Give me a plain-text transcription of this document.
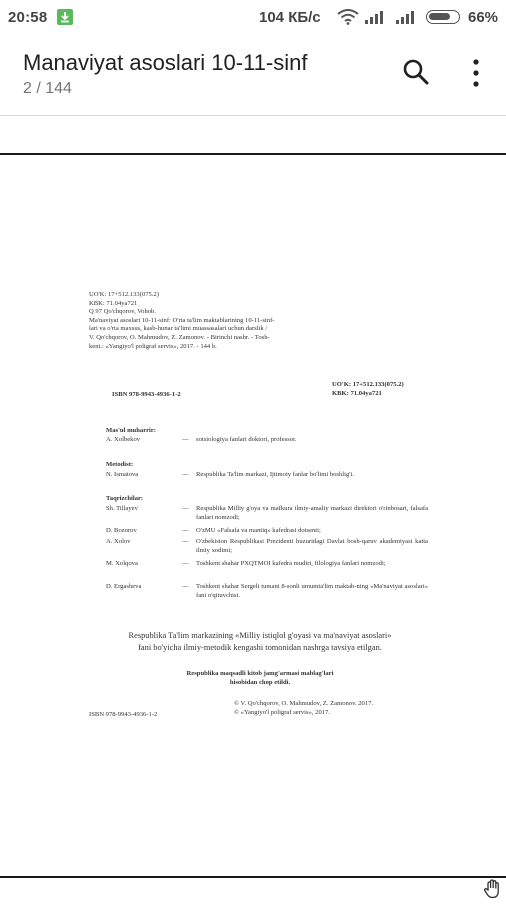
20:58	104 КБ/с	66%
Manaviyat asoslari 10-11-sinf
2 / 144
UO'K: 17+512.133(075.2)
KBK: 71.04ya721
Q 97 Qo'chqorov, Vohob.
Ma'naviyat asoslari 10-11-sinf: O'rta ta'lim maktablarining 10-11-sinf-
lari va o'rta maxsus, kasb-hunar ta'limi muassasalari uchun darslik /
V. Qo'chqorov, O. Mahmudov, Z. Zamonov. - Birinchi nashr. - Tosh-
kent.: «Yangiyo'l poligraf servis», 2017. - 144 b.
ISBN 978-9943-4936-1-2
UO'K: 17+512.133(075.2)
KBK: 71.04ya721
Mas'ul muharrir:
A. Xolbekov	— sotsiologiya fanlari doktori, professor.
Metodist:
N. Ismatova	— Respublika Ta'lim markazi, Ijtimoiy fanlar bo'limi boshlig'i.
Taqrizchilar:
Sh. Tillayev	— Respublika Milliy g'oya va mafkura ilmiy-amaliy markazi direktori o'rinbosari, falsafa fanlari nomzodi;
D. Bozorov	— O'zMU «Falsafa va mantiq» kafedrasi dotsenti;
A. Xolov	— O'zbekiston Respublikasi Prezidenti huzuridagi Davlat bosh-qaruv akademiyasi katta ilmiy xodimi;
M. Xolqova	— Toshkent shahar PXQTMOI kafedra mudiri, filologiya fanlari nomzodi;
D. Ergasheva	— Toshkent shahar Sergeli tumani 8-sonli umumta'lim maktab-ning «Ma'naviyat asoslari» fani o'qituvchisi.
Respublika Ta'lim markazining «Milliy istiqlol g'oyasi va ma'naviyat asoslari»
fani bo'yicha ilmiy-metodik kengashi tomonidan nashrga tavsiya etilgan.
Respublika maqsadli kitob jamg'armasi mablag'lari
hisobidan chop etildi.
© V. Qo'chqorov, O. Mahmudov, Z. Zamonov. 2017.
© «Yangiyo'l poligraf servis», 2017.
ISBN 978-9943-4936-1-2
